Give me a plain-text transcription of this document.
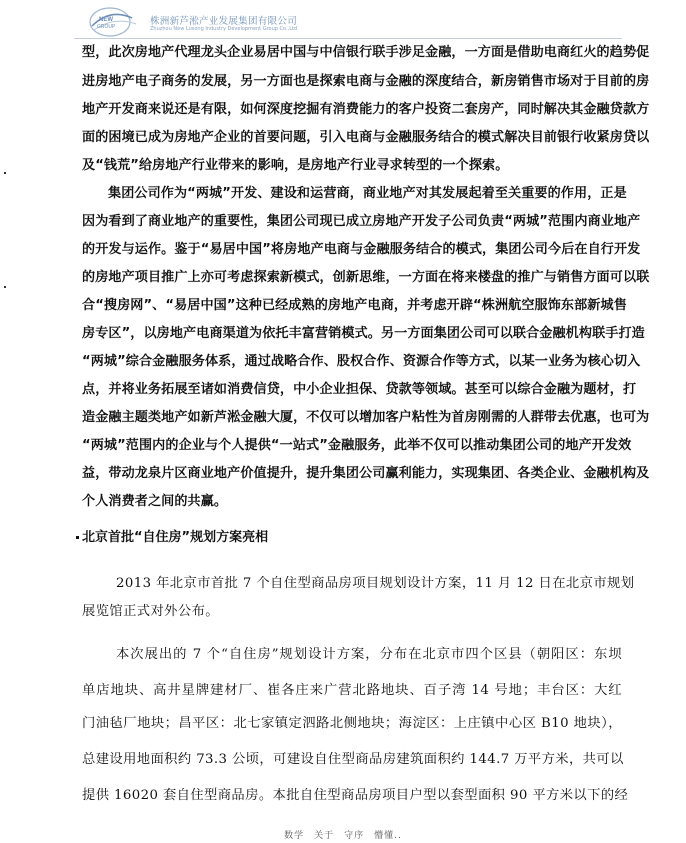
NEW
GROUP	株洲新芦淞产业发展集团有限公司
Zhuzhou New Lusong Industry Development Group Co.,Ltd
型，此次房地产代理龙头企业易居中国与中信银行联手涉足金融，一方面是借助电商红火的趋势促
进房地产电子商务的发展，另一方面也是探索电商与金融的深度结合，新房销售市场对于目前的房
地产开发商来说还是有限，如何深度挖掘有消费能力的客户投资二套房产，同时解决其金融贷款方
面的困境已成为房地产企业的首要问题，引入电商与金融服务结合的模式解决目前银行收紧房贷以
及“钱荒”给房地产行业带来的影响，是房地产行业寻求转型的一个探索。
集团公司作为“两城”开发、建设和运营商，商业地产对其发展起着至关重要的作用，正是
因为看到了商业地产的重要性，集团公司现已成立房地产开发子公司负责“两城”范围内商业地产
的开发与运作。鉴于“易居中国”将房地产电商与金融服务结合的模式，集团公司今后在自行开发
的房地产项目推广上亦可考虑探索新模式，创新思维，一方面在将来楼盘的推广与销售方面可以联
合“搜房网”、“易居中国”这种已经成熟的房地产电商，并考虑开辟“株洲航空服饰东部新城售
房专区”，以房地产电商渠道为依托丰富营销模式。另一方面集团公司可以联合金融机构联手打造
“两城”综合金融服务体系，通过战略合作、股权合作、资源合作等方式，以某一业务为核心切入
点，并将业务拓展至诸如消费信贷，中小企业担保、贷款等领域。甚至可以综合金融为题材，打
造金融主题类地产如新芦淞金融大厦，不仅可以增加客户粘性为首房刚需的人群带去优惠，也可为
“两城”范围内的企业与个人提供“一站式”金融服务，此举不仅可以推动集团公司的地产开发效
益，带动龙泉片区商业地产价值提升，提升集团公司赢利能力，实现集团、各类企业、金融机构及
个人消费者之间的共赢。
北京首批“自住房”规划方案亮相
2013 年北京市首批 7 个自住型商品房项目规划设计方案，11 月 12 日在北京市规划
展览馆正式对外公布。
本次展出的 7 个“自住房”规划设计方案，分布在北京市四个区县（朝阳区：东坝
单店地块、高井星牌建材厂、崔各庄来广营北路地块、百子湾 14 号地；丰台区：大红
门油毡厂地块；昌平区：北七家镇定泗路北侧地块；海淀区：上庄镇中心区 B10 地块），
总建设用地面积约 73.3 公顷，可建设自住型商品房建筑面积约 144.7 万平方米，共可以
提供 16020 套自住型商品房。本批自住型商品房项目户型以套型面积 90 平方米以下的经
数学　关于　守序　懵懂..
